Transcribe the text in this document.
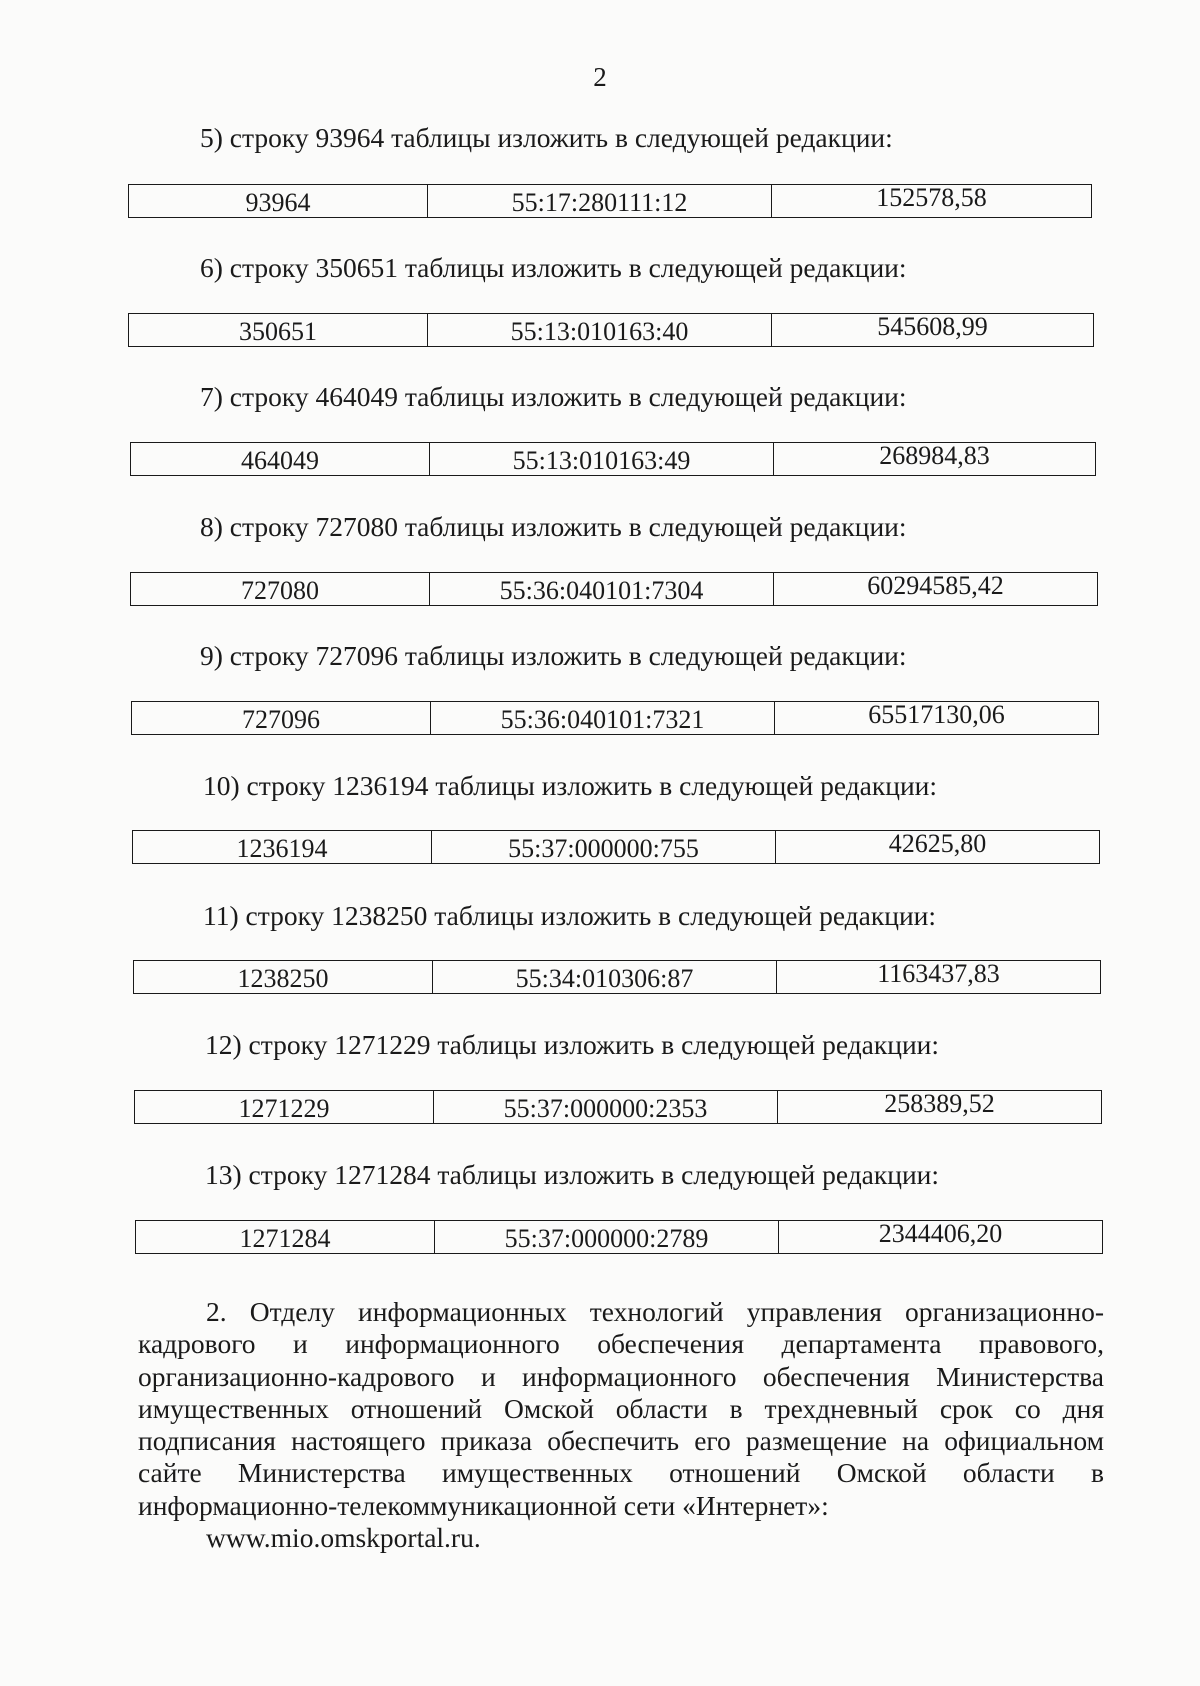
2
5) строку 93964 таблицы изложить в следующей редакции:
93964	55:17:280111:12	152578,58
6) строку 350651 таблицы изложить в следующей редакции:
350651	55:13:010163:40	545608,99
7) строку 464049 таблицы изложить в следующей редакции:
464049	55:13:010163:49	268984,83
8) строку 727080 таблицы изложить в следующей редакции:
727080	55:36:040101:7304	60294585,42
9) строку 727096 таблицы изложить в следующей редакции:
727096	55:36:040101:7321	65517130,06
10) строку 1236194 таблицы изложить в следующей редакции:
1236194	55:37:000000:755	42625,80
11) строку 1238250 таблицы изложить в следующей редакции:
1238250	55:34:010306:87	1163437,83
12) строку 1271229 таблицы изложить в следующей редакции:
1271229	55:37:000000:2353	258389,52
13) строку 1271284 таблицы изложить в следующей редакции:
1271284	55:37:000000:2789	2344406,20
2. Отделу информационных технологий управления организационно-кадрового и информационного обеспечения департамента правового, организационно-кадрового и информационного обеспечения Министерства имущественных отношений Омской области в трехдневный срок со дня подписания настоящего приказа обеспечить его размещение на официальном сайте Министерства имущественных отношений Омской области в информационно-телекоммуникационной сети «Интернет»:
www.mio.omskportal.ru.
